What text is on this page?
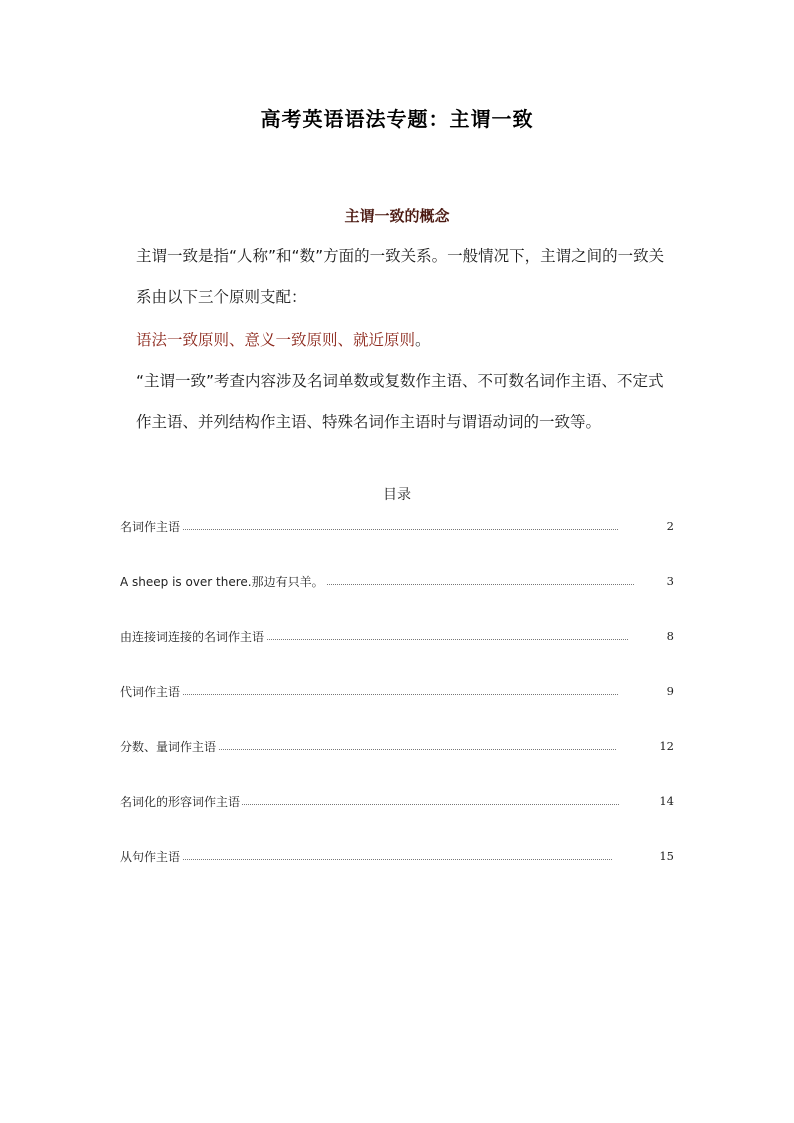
高考英语语法专题：主谓一致
主谓一致的概念

主谓一致是指“人称”和“数”方面的一致关系。一般情况下，主谓之间的一致关系由以下三个原则支配：

语法一致原则、意义一致原则、就近原则。

“主谓一致”考查内容涉及名词单数或复数作主语、不可数名词作主语、不定式作主语、并列结构作主语、特殊名词作主语时与谓语动词的一致等。

目录
名词作主语	2
A sheep is over there.那边有只羊。	3
由连接词连接的名词作主语	8
代词作主语	9
分数、量词作主语	12
名词化的形容词作主语	14
从句作主语	15
